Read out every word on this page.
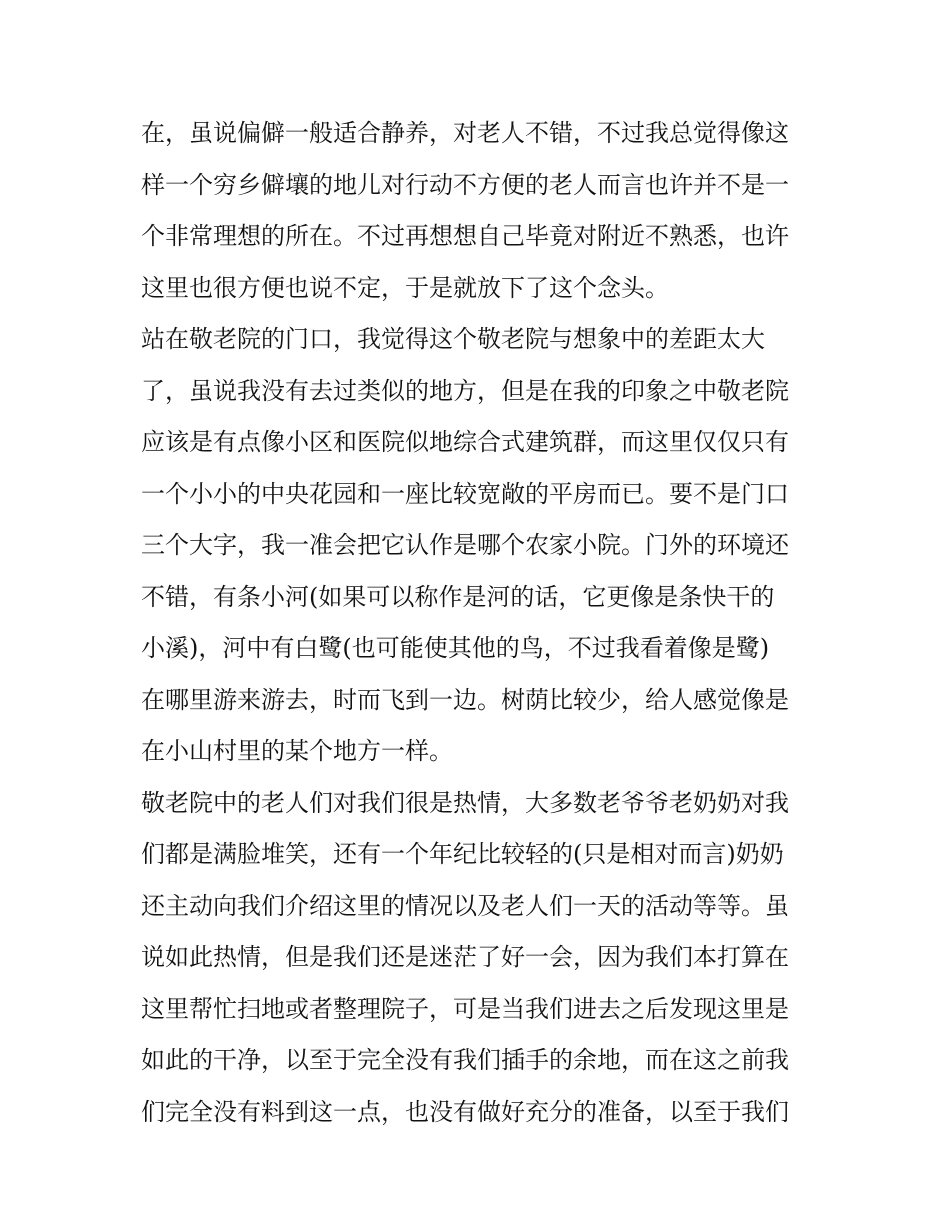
在，虽说偏僻一般适合静养，对老人不错，不过我总觉得像这
样一个穷乡僻壤的地儿对行动不方便的老人而言也许并不是一
个非常理想的所在。不过再想想自己毕竟对附近不熟悉，也许
这里也很方便也说不定，于是就放下了这个念头。
站在敬老院的门口，我觉得这个敬老院与想象中的差距太大
了，虽说我没有去过类似的地方，但是在我的印象之中敬老院
应该是有点像小区和医院似地综合式建筑群，而这里仅仅只有
一个小小的中央花园和一座比较宽敞的平房而已。要不是门口
三个大字，我一准会把它认作是哪个农家小院。门外的环境还
不错，有条小河(如果可以称作是河的话，它更像是条快干的
小溪)，河中有白鹭(也可能使其他的鸟，不过我看着像是鹭)
在哪里游来游去，时而飞到一边。树荫比较少，给人感觉像是
在小山村里的某个地方一样。
敬老院中的老人们对我们很是热情，大多数老爷爷老奶奶对我
们都是满脸堆笑，还有一个年纪比较轻的(只是相对而言)奶奶
还主动向我们介绍这里的情况以及老人们一天的活动等等。虽
说如此热情，但是我们还是迷茫了好一会，因为我们本打算在
这里帮忙扫地或者整理院子，可是当我们进去之后发现这里是
如此的干净，以至于完全没有我们插手的余地，而在这之前我
们完全没有料到这一点，也没有做好充分的准备，以至于我们
